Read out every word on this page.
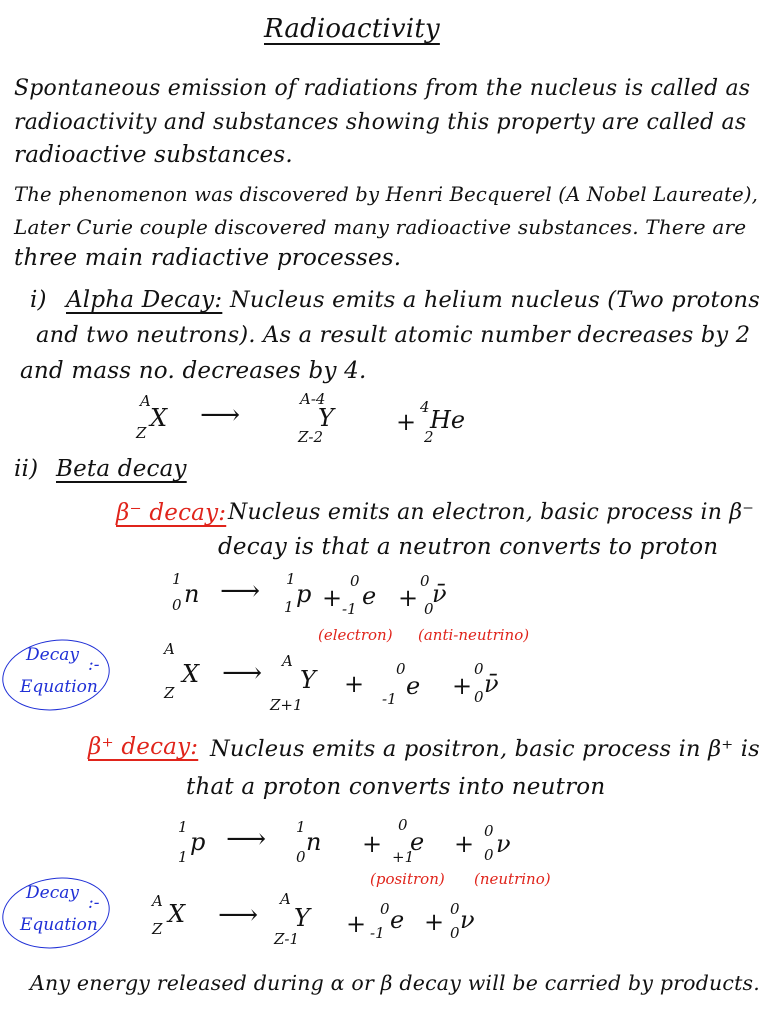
Radioactivity
Spontaneous emission of radiations from the nucleus is called as
radioactivity and substances showing this property are called as
radioactive substances.
The phenomenon was discovered by Henri Becquerel (A Nobel Laureate),
Later Curie couple discovered many radioactive substances. There are
three main radiactive processes.
i) Alpha Decay: Nucleus emits a helium nucleus (Two protons
and two neutrons). As a result atomic number decreases by 2
and mass no. decreases by 4.
A
X
Z
⟶	A-4
Y
Z-2
+
4 He
2
ii) Beta decay
β⁻ decay: Nucleus emits an electron, basic process in β⁻
decay is that a neutron converts to proton
1
n
0 ⟶ 1
p
1 +
0
e
-1 +
0 ν̄
0
(electron) (anti-neutrino)
Decay :-
Equation
A
X
Z
⟶ A
Y
Z+1
+
0
e
-1 +
0
ν̄
0
β⁺ decay: Nucleus emits a positron, basic process in β⁺ is
that a proton converts into neutron
1
p
1
⟶ 1
n
0 +
0
e
+1 + 0 ν
0
(positron) (neutrino)
Decay :-
Equation
A X
Z ⟶ A
Y
Z-1
+
0 e
-1 + 0 ν
0
Any energy released during α or β decay will be carried by products.
